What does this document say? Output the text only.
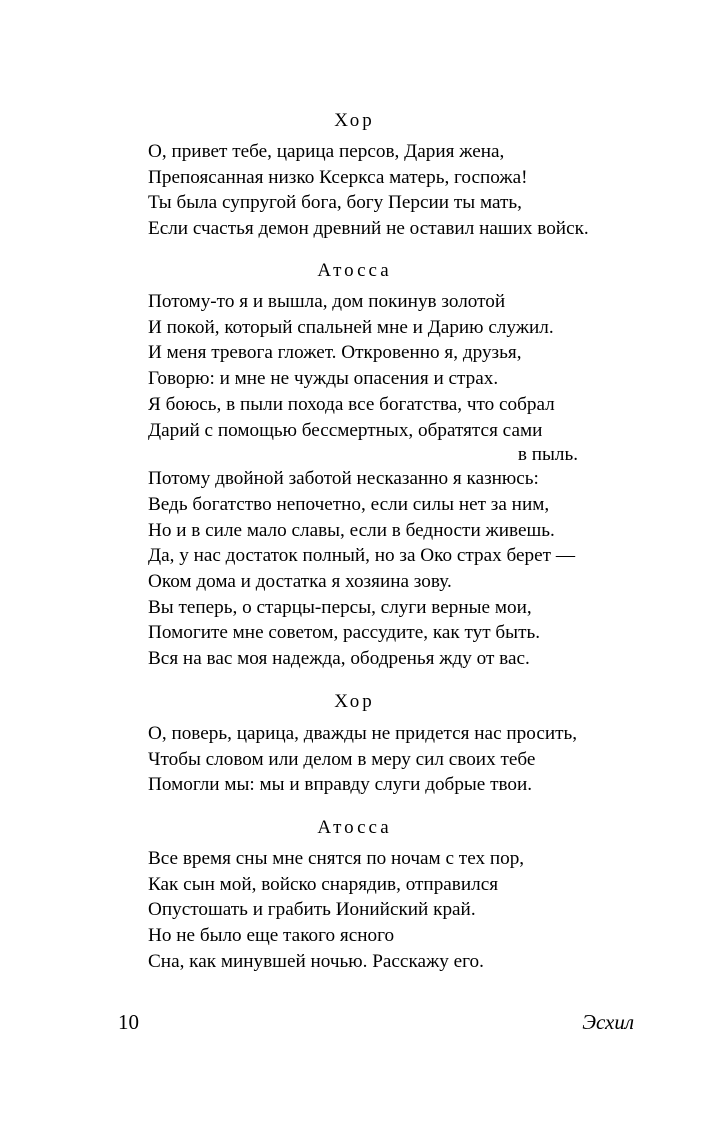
Хор
О, привет тебе, царица персов, Дария жена,
Препоясанная низко Ксеркса матерь, госпожа!
Ты была супругой бога, богу Персии ты мать,
Если счастья демон древний не оставил наших войск.
Атосса
Потому-то я и вышла, дом покинув золотой
И покой, который спальней мне и Дарию служил.
И меня тревога гложет. Откровенно я, друзья,
Говорю: и мне не чужды опасения и страх.
Я боюсь, в пыли похода все богатства, что собрал
Дарий с помощью бессмертных, обратятся сами
в пыль.
Потому двойной заботой несказанно я казнюсь:
Ведь богатство непочетно, если силы нет за ним,
Но и в силе мало славы, если в бедности живешь.
Да, у нас достаток полный, но за Око страх берет —
Оком дома и достатка я хозяина зову.
Вы теперь, о старцы-персы, слуги верные мои,
Помогите мне советом, рассудите, как тут быть.
Вся на вас моя надежда, ободренья жду от вас.
Хор
О, поверь, царица, дважды не придется нас просить,
Чтобы словом или делом в меру сил своих тебе
Помогли мы: мы и вправду слуги добрые твои.
Атосса
Все время сны мне снятся по ночам с тех пор,
Как сын мой, войско снарядив, отправился
Опустошать и грабить Ионийский край.
Но не было еще такого ясного
Сна, как минувшей ночью. Расскажу его.
10	Эсхил
